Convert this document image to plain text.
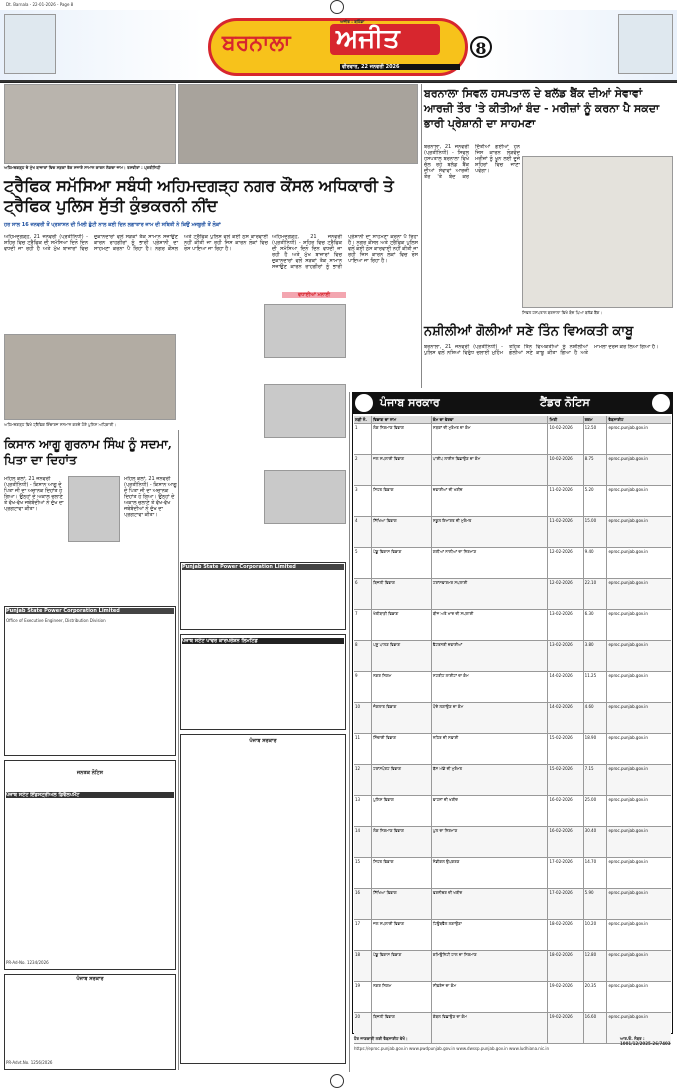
Dt. Barnala - 22-01-2026 - Page 8
ਬਰਨਾਲਾ	ਅਜੀਤ
ਅਜੀਤ : ਬਠਿੰਡਾ
ਵੀਰਵਾਰ, 22 ਜਨਵਰੀ 2026
8
ਅਹਿਮਦਗੜ੍ਹ ਦੇ ਮੁੱਖ ਬਾਜ਼ਾਰਾਂ ਵਿਚ ਸੜਕਾਂ ਤੱਕ ਸਜਾਏ ਸਾਮਾਨ ਕਾਰਨ ਲੱਗਦਾ ਜਾਮ। ਤਸਵੀਰਾਂ : ਪ੍ਰਤੀਨਿਧੀ
ਟ੍ਰੈਫਿਕ ਸਮੱਸਿਆ ਸਬੰਧੀ ਅਹਿਮਦਗੜ੍ਹ ਨਗਰ ਕੌਂਸਲ ਅਧਿਕਾਰੀ ਤੇ ਟ੍ਰੈਫਿਕ ਪੁਲਿਸ ਸੁੱਤੀ ਕੁੰਭਕਰਨੀ ਨੀਂਦ
ਹਰ ਸਾਲ 16 ਜਨਵਰੀ ਤੋਂ ਪ੍ਰਸ਼ਾਸਨ ਦੀ ਮਿਲੀ ਛੁੱਟੀ ਨਾਲ ਕਈ ਦਿਨ ਲਗਾਤਾਰ ਜਾਮ ਦੀ ਸਥਿਤੀ ਨੇ ਕਿਉਂ ਮਜਬੂਰੀ ਤੋਂ ਲੋਕਾਂ
ਅਹਿਮਦਗੜ੍ਹ, 21 ਜਨਵਰੀ (ਪ੍ਰਤੀਨਿਧੀ) - ਸ਼ਹਿਰ ਵਿਚ ਟ੍ਰੈਫਿਕ ਦੀ ਸਮੱਸਿਆ ਦਿਨੋ ਦਿਨ ਵਧਦੀ ਜਾ ਰਹੀ ਹੈ ਅਤੇ ਮੁੱਖ ਬਾਜ਼ਾਰਾਂ ਵਿਚ ਦੁਕਾਨਦਾਰਾਂ ਵਲੋਂ ਸੜਕਾਂ ਤੱਕ ਸਾਮਾਨ ਸਜਾਉਣ ਕਾਰਨ ਰਾਹਗੀਰਾਂ ਨੂੰ ਭਾਰੀ ਪ੍ਰੇਸ਼ਾਨੀ ਦਾ ਸਾਹਮਣਾ ਕਰਨਾ ਪੈ ਰਿਹਾ ਹੈ। ਨਗਰ ਕੌਂਸਲ ਅਤੇ ਟ੍ਰੈਫਿਕ ਪੁਲਿਸ ਵਲੋਂ ਕੋਈ ਠੋਸ ਕਾਰਵਾਈ ਨਹੀਂ ਕੀਤੀ ਜਾ ਰਹੀ ਜਿਸ ਕਾਰਨ ਲੋਕਾਂ ਵਿਚ ਰੋਸ ਪਾਇਆ ਜਾ ਰਿਹਾ ਹੈ।
ਅਹਿਮਦਗੜ੍ਹ, 21 ਜਨਵਰੀ (ਪ੍ਰਤੀਨਿਧੀ) - ਸ਼ਹਿਰ ਵਿਚ ਟ੍ਰੈਫਿਕ ਦੀ ਸਮੱਸਿਆ ਦਿਨੋ ਦਿਨ ਵਧਦੀ ਜਾ ਰਹੀ ਹੈ ਅਤੇ ਮੁੱਖ ਬਾਜ਼ਾਰਾਂ ਵਿਚ ਦੁਕਾਨਦਾਰਾਂ ਵਲੋਂ ਸੜਕਾਂ ਤੱਕ ਸਾਮਾਨ ਸਜਾਉਣ ਕਾਰਨ ਰਾਹਗੀਰਾਂ ਨੂੰ ਭਾਰੀ ਪ੍ਰੇਸ਼ਾਨੀ ਦਾ ਸਾਹਮਣਾ ਕਰਨਾ ਪੈ ਰਿਹਾ ਹੈ। ਨਗਰ ਕੌਂਸਲ ਅਤੇ ਟ੍ਰੈਫਿਕ ਪੁਲਿਸ ਵਲੋਂ ਕੋਈ ਠੋਸ ਕਾਰਵਾਈ ਨਹੀਂ ਕੀਤੀ ਜਾ ਰਹੀ ਜਿਸ ਕਾਰਨ ਲੋਕਾਂ ਵਿਚ ਰੋਸ ਪਾਇਆ ਜਾ ਰਿਹਾ ਹੈ।
ਅਹਿਮਦਗੜ੍ਹ ਵਿਖੇ ਟ੍ਰੈਫਿਕ ਇੰਚਾਰਜ ਸਨਮਾਨ ਕਰਦੇ ਹੋਏ ਪੁਲਿਸ ਅਧਿਕਾਰੀ।
ਵਧਾਈਆਂ ਮਨਾਈ
ਕਿਸਾਨ ਆਗੂ ਗੁਰਨਾਮ ਸਿੰਘ ਨੂੰ ਸਦਮਾ, ਪਿਤਾ ਦਾ ਦਿਹਾਂਤ
ਮਹਿਲ ਕਲਾਂ, 21 ਜਨਵਰੀ (ਪ੍ਰਤੀਨਿਧੀ) - ਕਿਸਾਨ ਆਗੂ ਦੇ ਪਿਤਾ ਜੀ ਦਾ ਅਚਾਨਕ ਦਿਹਾਂਤ ਹੋ ਗਿਆ। ਉਨ੍ਹਾਂ ਦੇ ਅਕਾਲ ਚਲਾਣੇ ਤੇ ਵੱਖ-ਵੱਖ ਜਥੇਬੰਦੀਆਂ ਨੇ ਦੁੱਖ ਦਾ ਪ੍ਰਗਟਾਵਾ ਕੀਤਾ।
ਮਹਿਲ ਕਲਾਂ, 21 ਜਨਵਰੀ (ਪ੍ਰਤੀਨਿਧੀ) - ਕਿਸਾਨ ਆਗੂ ਦੇ ਪਿਤਾ ਜੀ ਦਾ ਅਚਾਨਕ ਦਿਹਾਂਤ ਹੋ ਗਿਆ। ਉਨ੍ਹਾਂ ਦੇ ਅਕਾਲ ਚਲਾਣੇ ਤੇ ਵੱਖ-ਵੱਖ ਜਥੇਬੰਦੀਆਂ ਨੇ ਦੁੱਖ ਦਾ ਪ੍ਰਗਟਾਵਾ ਕੀਤਾ।
Punjab State Power Corporation Limited
Office of Executive Engineer, Distribution Division
ਪੰਜਾਬ ਸਟੇਟ ਇੰਡਸਟ੍ਰੀਅਲ ਡਿਵੈਲਪਮੈਂਟ
ਜਨਤਕ ਨੋਟਿਸ
PR-Ad-No. 1234/2026
ਪੰਜਾਬ ਸਰਕਾਰ
PR-Advt.No. 1256/2026
Punjab State Power Corporation Limited
ਪੰਜਾਬ ਸਟੇਟ ਪਾਵਰ ਕਾਰਪੋਰੇਸ਼ਨ ਲਿਮਟਿਡ
ਪੰਜਾਬ ਸਰਕਾਰ
ਬਰਨਾਲਾ ਸਿਵਲ ਹਸਪਤਾਲ ਦੇ ਬਲੱਡ ਬੈਂਕ ਦੀਆਂ ਸੇਵਾਵਾਂ ਆਰਜ਼ੀ ਤੌਰ 'ਤੇ ਕੀਤੀਆਂ ਬੰਦ - ਮਰੀਜ਼ਾਂ ਨੂੰ ਕਰਨਾ ਪੈ ਸਕਦਾ ਭਾਰੀ ਪ੍ਰੇਸ਼ਾਨੀ ਦਾ ਸਾਹਮਣਾ
ਬਰਨਾਲਾ, 21 ਜਨਵਰੀ (ਪ੍ਰਤੀਨਿਧੀ) - ਸਿਵਲ ਹਸਪਤਾਲ ਬਰਨਾਲਾ ਵਿਖੇ ਚੱਲ ਰਹੇ ਬਲੱਡ ਬੈਂਕ ਦੀਆਂ ਸੇਵਾਵਾਂ ਆਰਜ਼ੀ ਤੌਰ 'ਤੇ ਬੰਦ ਕਰ ਦਿੱਤੀਆਂ ਗਈਆਂ ਹਨ ਜਿਸ ਕਾਰਨ ਲੋੜਵੰਦ ਮਰੀਜ਼ਾਂ ਨੂੰ ਖੂਨ ਲਈ ਦੂਜੇ ਸ਼ਹਿਰਾਂ ਵਿਚ ਜਾਣਾ ਪਵੇਗਾ।
ਸਿਵਲ ਹਸਪਤਾਲ ਬਰਨਾਲਾ ਵਿਖੇ ਬੰਦ ਪਿਆ ਬਲੱਡ ਬੈਂਕ।
ਨਸ਼ੀਲੀਆਂ ਗੋਲੀਆਂ ਸਣੇ ਤਿੰਨ ਵਿਅਕਤੀ ਕਾਬੂ
ਬਰਨਾਲਾ, 21 ਜਨਵਰੀ (ਪ੍ਰਤੀਨਿਧੀ) - ਪੁਲਿਸ ਵਲੋਂ ਨਸ਼ਿਆਂ ਵਿਰੁੱਧ ਚਲਾਈ ਮੁਹਿੰਮ ਤਹਿਤ ਤਿੰਨ ਵਿਅਕਤੀਆਂ ਨੂੰ ਨਸ਼ੀਲੀਆਂ ਗੋਲੀਆਂ ਸਣੇ ਕਾਬੂ ਕੀਤਾ ਗਿਆ ਹੈ ਅਤੇ ਮਾਮਲਾ ਦਰਜ ਕਰ ਲਿਆ ਗਿਆ ਹੈ।
ਪੰਜਾਬ ਸਰਕਾਰ	ਟੈਂਡਰ ਨੋਟਿਸ
ਲੜੀ ਨੰ.	ਵਿਭਾਗ ਦਾ ਨਾਮ	ਕੰਮ ਦਾ ਵੇਰਵਾ	ਮਿਤੀ	ਰਕਮ	ਵੈਬਸਾਈਟ
1	ਲੋਕ ਨਿਰਮਾਣ ਵਿਭਾਗ	ਸੜਕਾਂ ਦੀ ਮੁਰੰਮਤ ਦਾ ਕੰਮ	10-02-2026	12.50	eproc.punjab.gov.in
2	ਜਲ ਸਪਲਾਈ ਵਿਭਾਗ	ਪਾਈਪ ਲਾਈਨ ਵਿਛਾਉਣ ਦਾ ਕੰਮ	10-02-2026	8.75	eproc.punjab.gov.in
3	ਸਿਹਤ ਵਿਭਾਗ	ਦਵਾਈਆਂ ਦੀ ਖਰੀਦ	11-02-2026	5.20	eproc.punjab.gov.in
4	ਸਿੱਖਿਆ ਵਿਭਾਗ	ਸਕੂਲ ਇਮਾਰਤ ਦੀ ਮੁਰੰਮਤ	11-02-2026	15.00	eproc.punjab.gov.in
5	ਪੇਂਡੂ ਵਿਕਾਸ ਵਿਭਾਗ	ਗਲੀਆਂ ਨਾਲੀਆਂ ਦਾ ਨਿਰਮਾਣ	12-02-2026	9.40	eproc.punjab.gov.in
6	ਬਿਜਲੀ ਵਿਭਾਗ	ਟਰਾਂਸਫਾਰਮਰ ਸਪਲਾਈ	12-02-2026	22.10	eproc.punjab.gov.in
7	ਖੇਤੀਬਾੜੀ ਵਿਭਾਗ	ਬੀਜ ਅਤੇ ਖਾਦ ਦੀ ਸਪਲਾਈ	13-02-2026	6.30	eproc.punjab.gov.in
8	ਪਸ਼ੂ ਪਾਲਣ ਵਿਭਾਗ	ਵੈਟਰਨਰੀ ਦਵਾਈਆਂ	13-02-2026	3.80	eproc.punjab.gov.in
9	ਨਗਰ ਨਿਗਮ	ਸਟਰੀਟ ਲਾਈਟਾਂ ਦਾ ਕੰਮ	14-02-2026	11.25	eproc.punjab.gov.in
10	ਜੰਗਲਾਤ ਵਿਭਾਗ	ਪੌਦੇ ਲਗਾਉਣ ਦਾ ਕੰਮ	14-02-2026	4.60	eproc.punjab.gov.in
11	ਸਿੰਚਾਈ ਵਿਭਾਗ	ਨਹਿਰ ਦੀ ਸਫ਼ਾਈ	15-02-2026	18.90	eproc.punjab.gov.in
12	ਟਰਾਂਸਪੋਰਟ ਵਿਭਾਗ	ਬੱਸ ਅੱਡੇ ਦੀ ਮੁਰੰਮਤ	15-02-2026	7.15	eproc.punjab.gov.in
13	ਪੁਲਿਸ ਵਿਭਾਗ	ਵਾਹਨਾਂ ਦੀ ਖਰੀਦ	16-02-2026	25.00	eproc.punjab.gov.in
14	ਲੋਕ ਨਿਰਮਾਣ ਵਿਭਾਗ	ਪੁਲ ਦਾ ਨਿਰਮਾਣ	16-02-2026	30.40	eproc.punjab.gov.in
15	ਸਿਹਤ ਵਿਭਾਗ	ਮੈਡੀਕਲ ਉਪਕਰਣ	17-02-2026	14.70	eproc.punjab.gov.in
16	ਸਿੱਖਿਆ ਵਿਭਾਗ	ਫਰਨੀਚਰ ਦੀ ਖਰੀਦ	17-02-2026	5.90	eproc.punjab.gov.in
17	ਜਲ ਸਪਲਾਈ ਵਿਭਾਗ	ਟਿਊਬਵੈੱਲ ਲਗਾਉਣਾ	18-02-2026	10.20	eproc.punjab.gov.in
18	ਪੇਂਡੂ ਵਿਕਾਸ ਵਿਭਾਗ	ਕਮਿਊਨਿਟੀ ਹਾਲ ਦਾ ਨਿਰਮਾਣ	18-02-2026	12.80	eproc.punjab.gov.in
19	ਨਗਰ ਨਿਗਮ	ਸੀਵਰੇਜ ਦਾ ਕੰਮ	19-02-2026	20.35	eproc.punjab.gov.in
20	ਬਿਜਲੀ ਵਿਭਾਗ	ਕੇਬਲ ਵਿਛਾਉਣ ਦਾ ਕੰਮ	19-02-2026	16.60	eproc.punjab.gov.in
ਹੋਰ ਜਾਣਕਾਰੀ ਲਈ ਵੈਬਸਾਈਟ ਵੇਖੋ।
https://eproc.punjab.gov.in www.pwdpunjab.gov.in www.dwssp.punjab.gov.in www.ludhiana.nic.in
ਆਰ.ਓ. ਨੰਬਰ : 1001/12/2025-26/7403
